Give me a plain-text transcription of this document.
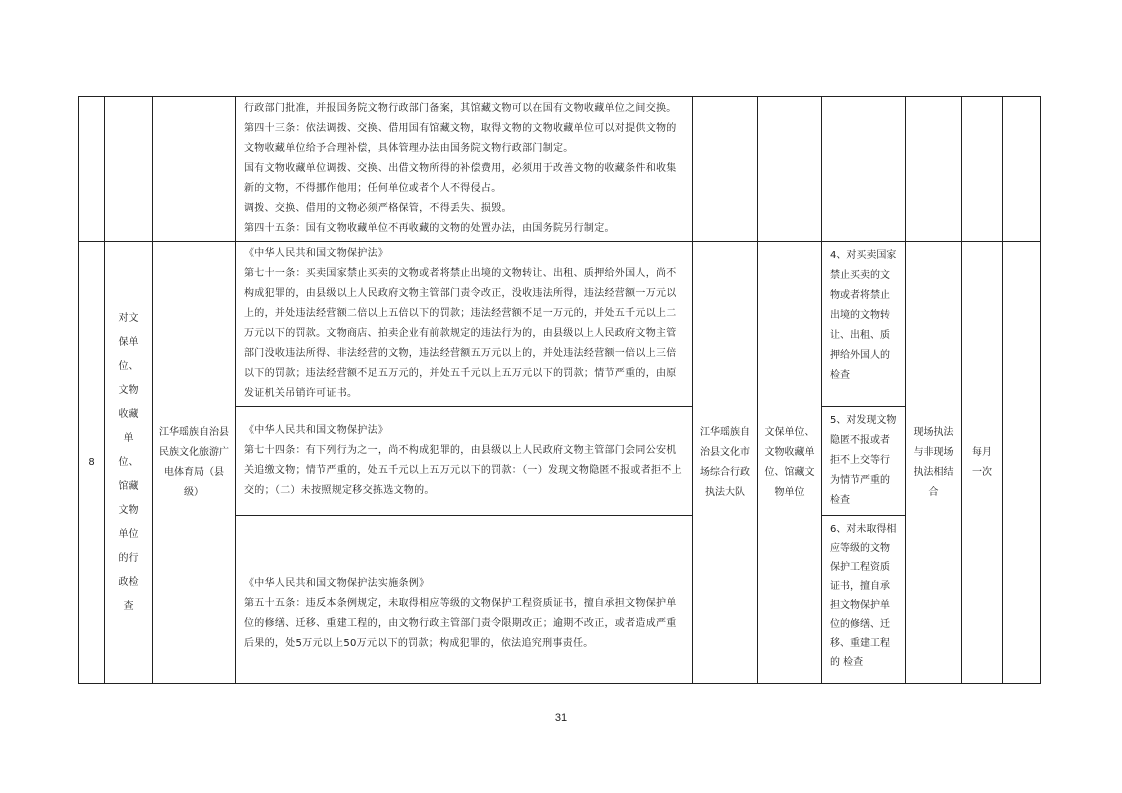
			行政部门批准，并报国务院文物行政部门备案，其馆藏文物可以在国有文物收藏单位之间交换。
第四十三条：依法调拨、交换、借用国有馆藏文物，取得文物的文物收藏单位可以对提供文物的文物收藏单位给予合理补偿，具体管理办法由国务院文物行政部门制定。
国有文物收藏单位调拨、交换、出借文物所得的补偿费用，必须用于改善文物的收藏条件和收集新的文物，不得挪作他用；任何单位或者个人不得侵占。
调拨、交换、借用的文物必须严格保管，不得丢失、损毁。
第四十五条：国有文物收藏单位不再收藏的文物的处置办法，由国务院另行制定。						

8	对文保单位、文物收藏单位、馆藏文物单位的行政检查	江华瑶族自治县民族文化旅游广电体育局（县级）	《中华人民共和国文物保护法》
第七十一条：买卖国家禁止买卖的文物或者将禁止出境的文物转让、出租、质押给外国人，尚不构成犯罪的，由县级以上人民政府文物主管部门责令改正，没收违法所得，违法经营额一万元以上的，并处违法经营额二倍以上五倍以下的罚款；违法经营额不足一万元的，并处五千元以上二万元以下的罚款。文物商店、拍卖企业有前款规定的违法行为的，由县级以上人民政府文物主管部门没收违法所得、非法经营的文物，违法经营额五万元以上的，并处违法经营额一倍以上三倍以下的罚款；违法经营额不足五万元的，并处五千元以上五万元以下的罚款；情节严重的，由原发证机关吊销许可证书。	江华瑶族自治县文化市场综合行政执法大队	文保单位、文物收藏单位、馆藏文物单位	4、对买卖国家禁止买卖的文物或者将禁止出境的文物转让、出租、质押给外国人的检查	现场执法与非现场执法相结合	每月一次	

			《中华人民共和国文物保护法》
第七十四条：有下列行为之一，尚不构成犯罪的，由县级以上人民政府文物主管部门会同公安机关追缴文物；情节严重的，处五千元以上五万元以下的罚款：（一）发现文物隐匿不报或者拒不上交的；（二）未按照规定移交拣选文物的。			5、对发现文物隐匿不报或者拒不上交等行为情节严重的检查			

			《中华人民共和国文物保护法实施条例》
第五十五条：违反本条例规定，未取得相应等级的文物保护工程资质证书，擅自承担文物保护单位的修缮、迁移、重建工程的，由文物行政主管部门责令限期改正；逾期不改正，或者造成严重后果的，处5万元以上50万元以下的罚款；构成犯罪的，依法追究刑事责任。			6、对未取得相应等级的文物保护工程资质证书，擅自承担文物保护单位的修缮、迁移、重建工程的 检查			
31
